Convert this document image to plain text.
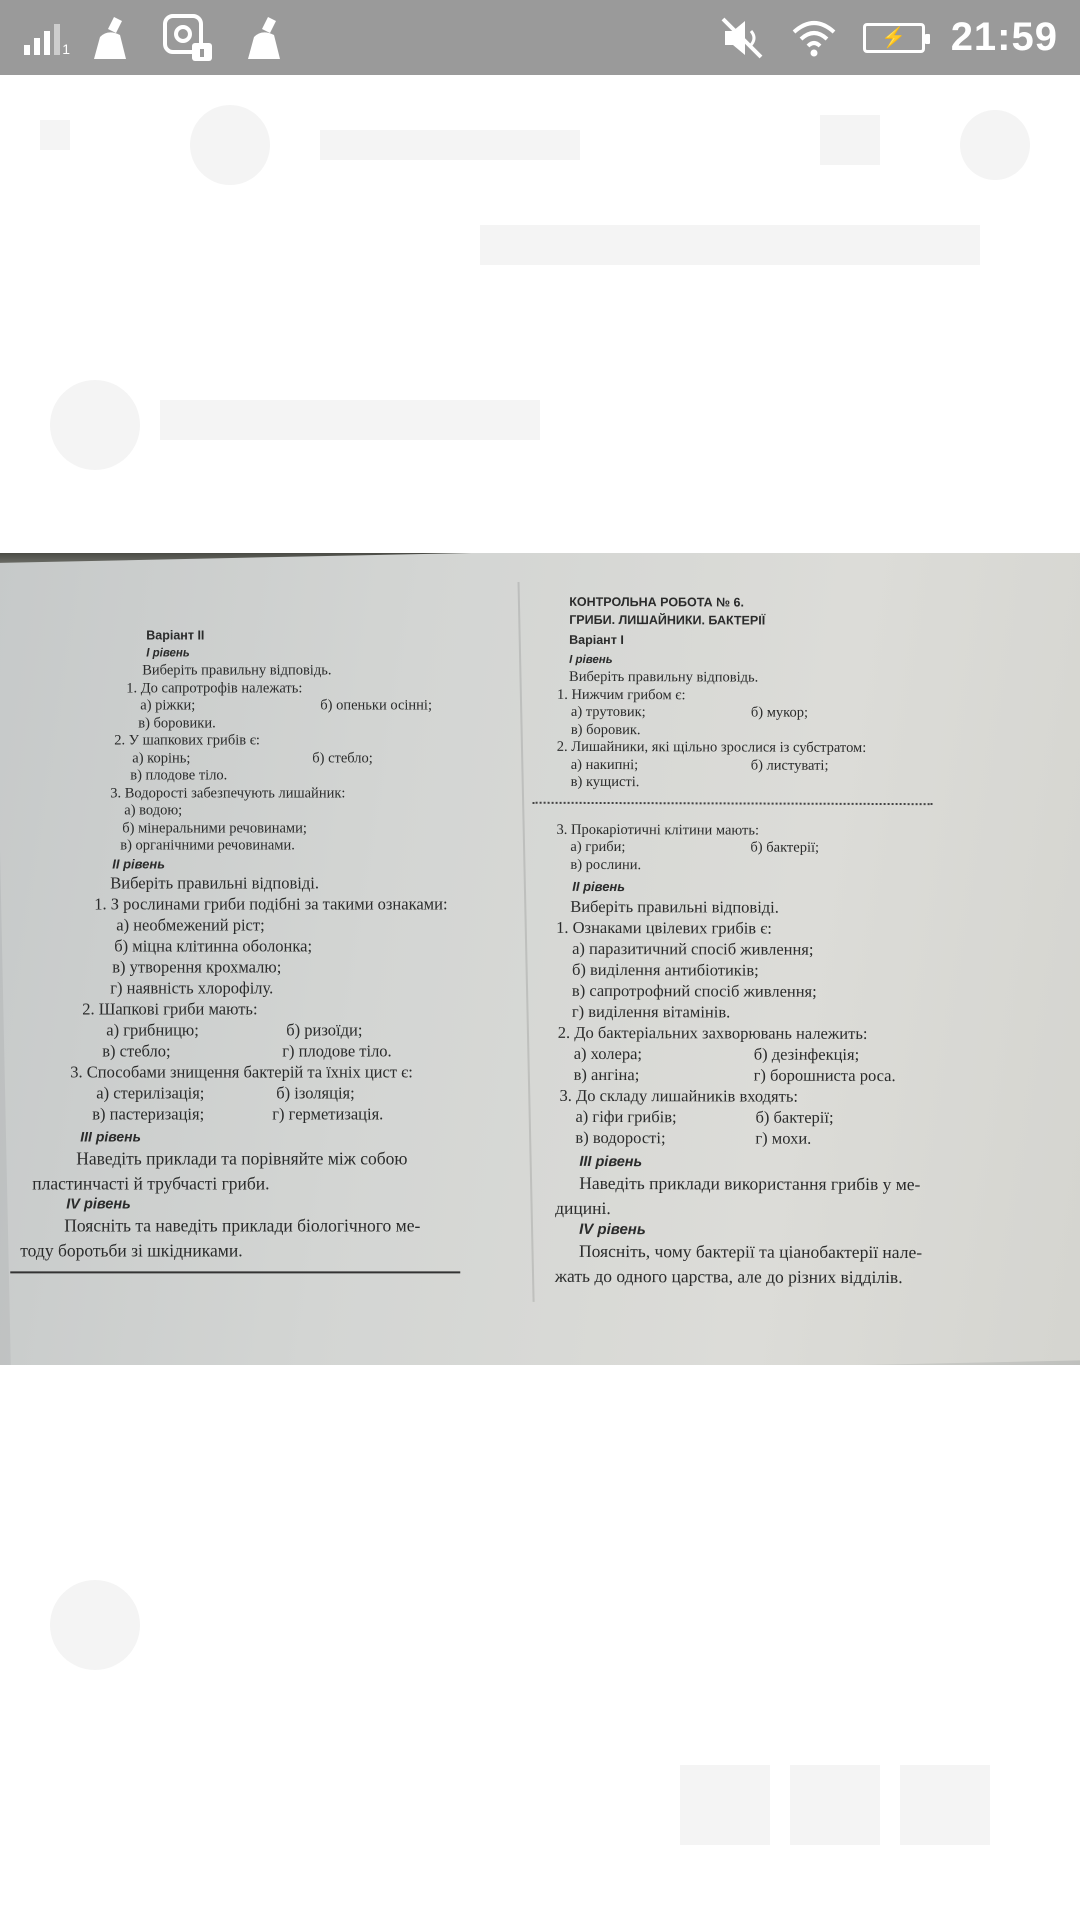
1	⚡	21:59
Варіант ІІ
І рівень
Виберіть правильну відповідь.
1. До сапротрофів належать:
а) ріжки;	б) опеньки осінні;
в) боровики.
2. У шапкових грибів є:
а) корінь;	б) стебло;
в) плодове тіло.
3. Водорості забезпечують лишайник:
а) водою;
б) мінеральними речовинами;
в) органічними речовинами.
ІІ рівень
Виберіть правильні відповіді.
1. З рослинами гриби подібні за такими ознаками:
а) необмежений ріст;
б) міцна клітинна оболонка;
в) утворення крохмалю;
г) наявність хлорофілу.
2. Шапкові гриби мають:
а) грибницю;	б) ризоїди;
в) стебло;	г) плодове тіло.
3. Способами знищення бактерій та їхніх цист є:
а) стерилізація;	б) ізоляція;
в) пастеризація;	г) герметизація.
ІІІ рівень
Наведіть приклади та порівняйте між собою
пластинчасті й трубчасті гриби.
IV рівень
Поясніть та наведіть приклади біологічного ме-
тоду боротьби зі шкідниками.
КОНТРОЛЬНА РОБОТА № 6.
ГРИБИ. ЛИШАЙНИКИ. БАКТЕРІЇ
Варіант І
І рівень
Виберіть правильну відповідь.
1. Нижчим грибом є:
а) трутовик;	б) мукор;
в) боровик.
2. Лишайники, які щільно зрослися із субстратом:
а) накипні;	б) листуваті;
в) кущисті.
3. Прокаріотичні клітини мають:
а) гриби;	б) бактерії;
в) рослини.
ІІ рівень
Виберіть правильні відповіді.
1. Ознаками цвілевих грибів є:
а) паразитичний спосіб живлення;
б) виділення антибіотиків;
в) сапротрофний спосіб живлення;
г) виділення вітамінів.
2. До бактеріальних захворювань належить:
а) холера;	б) дезінфекція;
в) ангіна;	г) борошниста роса.
3. До складу лишайників входять:
а) гіфи грибів;	б) бактерії;
в) водорості;	г) мохи.
ІІІ рівень
Наведіть приклади використання грибів у ме-
дицині.
IV рівень
Поясніть, чому бактерії та ціанобактерії нале-
жать до одного царства, але до різних відділів.
